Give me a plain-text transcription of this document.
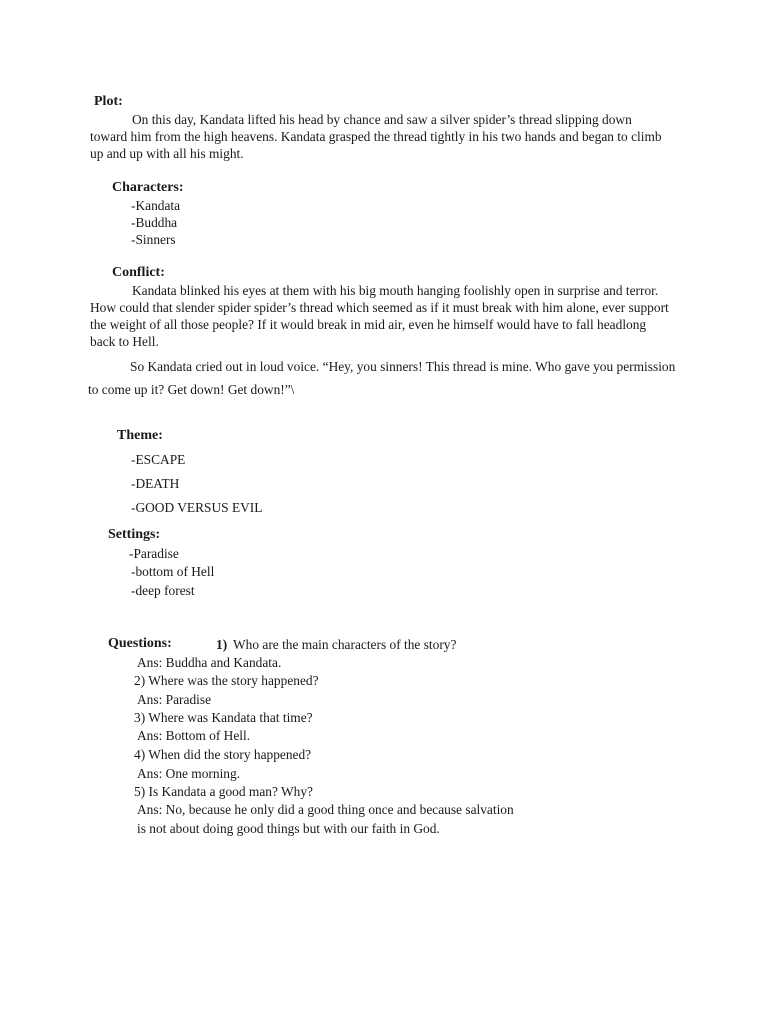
Plot:
On this day, Kandata lifted his head by chance and saw a silver spider’s thread slipping down toward him from the high heavens. Kandata grasped the thread tightly in his two hands and began to climb up and up with all his might.
Characters:
-Kandata
-Buddha
-Sinners
Conflict:
Kandata blinked his eyes at them with his big mouth hanging foolishly open in surprise and terror. How could that slender spider spider’s thread which seemed as if it must break with him alone, ever support the weight of all those people? If it would break in mid air, even he himself would have to fall headlong back to Hell.
So Kandata cried out in loud voice. “Hey, you sinners! This thread is mine. Who gave you permission to come up it? Get down! Get down!”\
Theme:
-ESCAPE
-DEATH
-GOOD VERSUS EVIL
Settings:
-Paradise
-bottom of Hell
-deep forest
Questions:	1) Who are the main characters of the story?
Ans: Buddha and Kandata.
2) Where was the story happened?
Ans: Paradise
3) Where was Kandata that time?
Ans: Bottom of Hell.
4) When did the story happened?
Ans: One morning.
5) Is Kandata a good man? Why?
Ans: No, because he only did a good thing once and because salvation
is not about doing good things but with our faith in God.
